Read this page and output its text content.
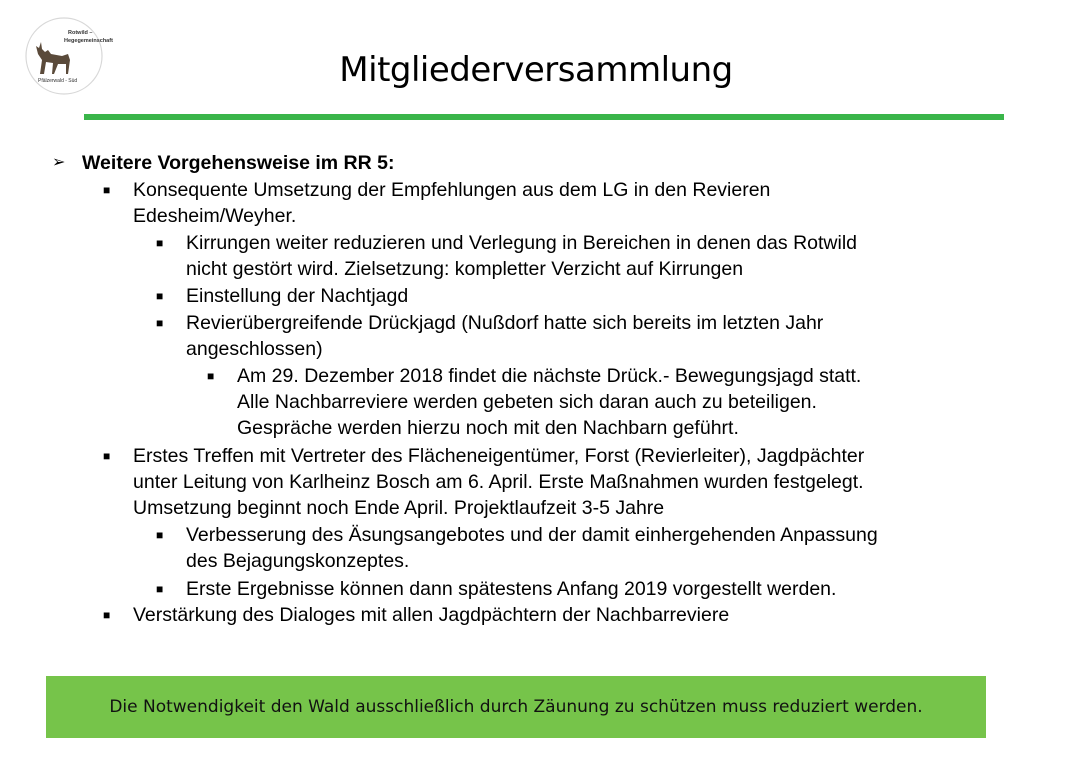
Rotwild –
Hegegemeinschaft
Pfälzerwald - Süd	Mitgliederversammlung
➢ Weitere Vorgehensweise im RR 5:
■ Konsequente Umsetzung der Empfehlungen aus dem LG in den Revieren
Edesheim/Weyher.
■ Kirrungen weiter reduzieren und Verlegung in Bereichen in denen das Rotwild
nicht gestört wird. Zielsetzung: kompletter Verzicht auf Kirrungen
■ Einstellung der Nachtjagd
■ Revierübergreifende Drückjagd (Nußdorf hatte sich bereits im letzten Jahr
angeschlossen)
■ Am 29. Dezember 2018 findet die nächste Drück.- Bewegungsjagd statt.
Alle Nachbarreviere werden gebeten sich daran auch zu beteiligen.
Gespräche werden hierzu noch mit den Nachbarn geführt.
■ Erstes Treffen mit Vertreter des Flächeneigentümer, Forst (Revierleiter), Jagdpächter
unter Leitung von Karlheinz Bosch am 6. April. Erste Maßnahmen wurden festgelegt.
Umsetzung beginnt noch Ende April. Projektlaufzeit 3-5 Jahre
■ Verbesserung des Äsungsangebotes und der damit einhergehenden Anpassung
des Bejagungskonzeptes.
■ Erste Ergebnisse können dann spätestens Anfang 2019 vorgestellt werden.
■ Verstärkung des Dialoges mit allen Jagdpächtern der Nachbarreviere
Die Notwendigkeit den Wald ausschließlich durch Zäunung zu schützen muss reduziert werden.
